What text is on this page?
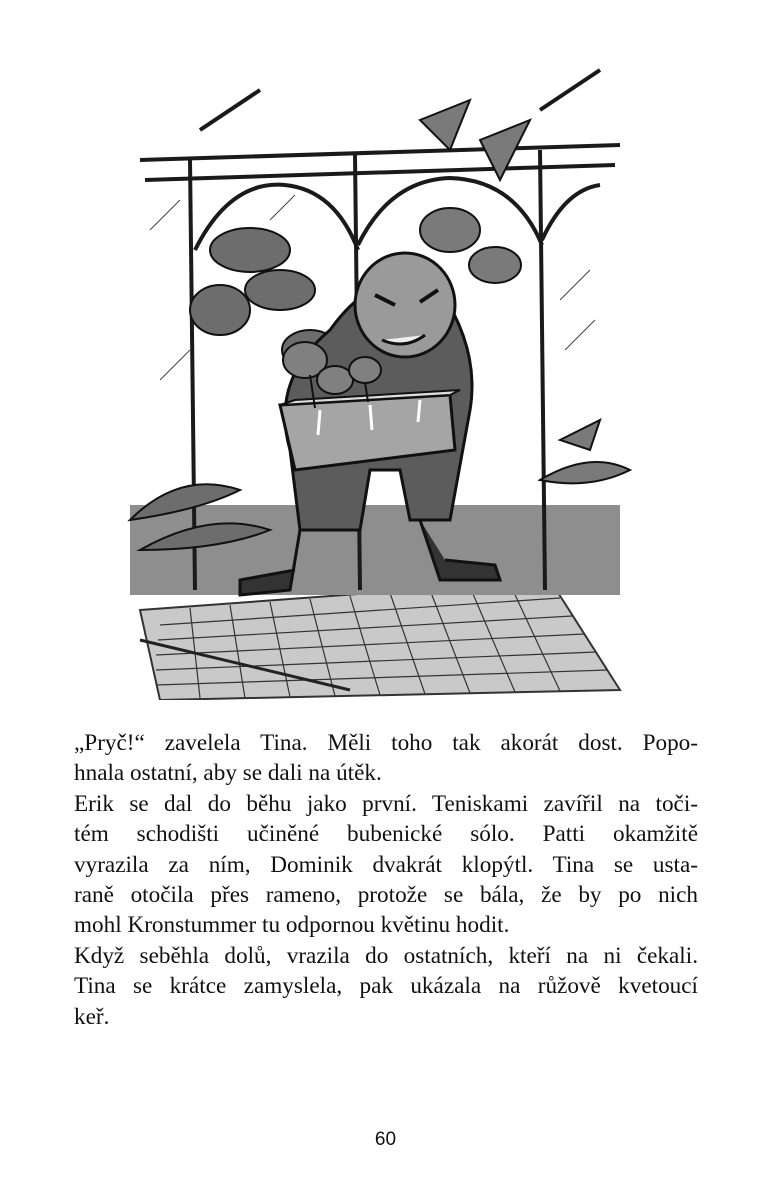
„Pryč!“ zavelela Tina. Měli toho tak akorát dost. Popo-
hnala ostatní, aby se dali na útěk.
Erik se dal do běhu jako první. Teniskami zavířil na toči-
tém schodišti učiněné bubenické sólo. Patti okamžitě
vyrazila za ním, Dominik dvakrát klopýtl. Tina se usta-
raně otočila přes rameno, protože se bála, že by po nich
mohl Kronstummer tu odpornou květinu hodit.
Když seběhla dolů, vrazila do ostatních, kteří na ni čekali.
Tina se krátce zamyslela, pak ukázala na růžově kvetoucí
keř.
60
